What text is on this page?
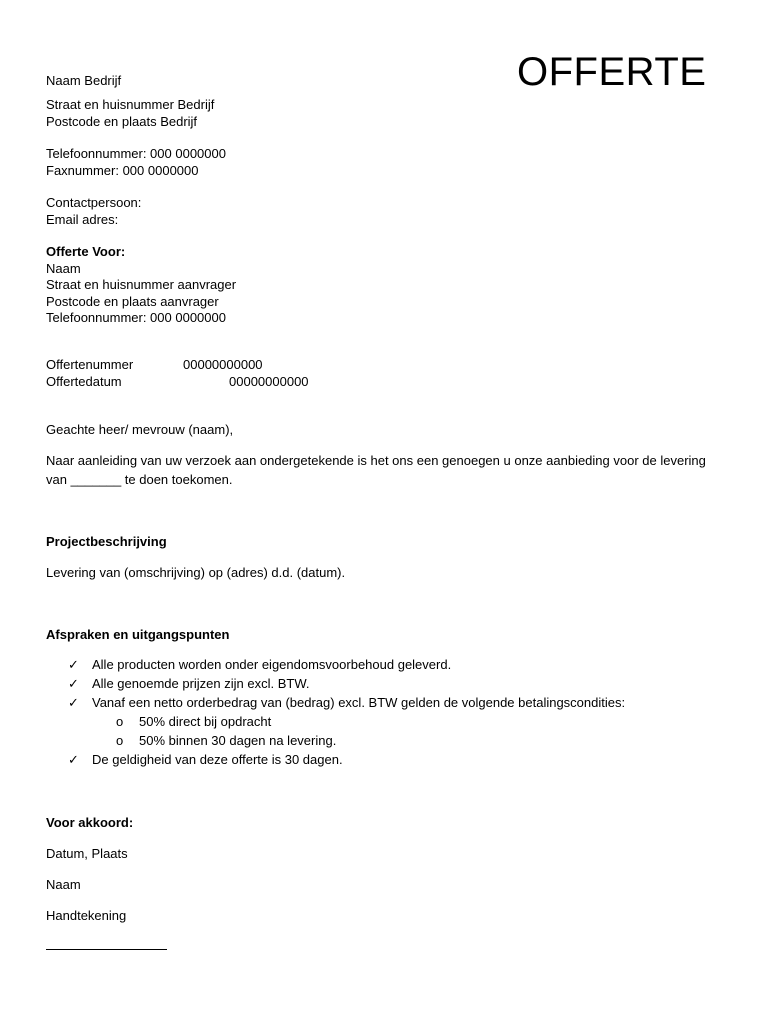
OFFERTE
Naam Bedrijf
Straat en huisnummer Bedrijf
Postcode en plaats Bedrijf
Telefoonnummer: 000 0000000
Faxnummer: 000 0000000
Contactpersoon:
Email adres:
Offerte Voor:
Naam
Straat en huisnummer aanvrager
Postcode en plaats aanvrager
Telefoonnummer: 000 0000000
Offertenummer	00000000000
Offertedatum	00000000000
Geachte heer/ mevrouw (naam),
Naar aanleiding van uw verzoek aan ondergetekende is het ons een genoegen u onze aanbieding voor de levering
van _______ te doen toekomen.
Projectbeschrijving
Levering van (omschrijving) op (adres) d.d. (datum).
Afspraken en uitgangspunten
✓ Alle producten worden onder eigendomsvoorbehoud geleverd.
✓ Alle genoemde prijzen zijn excl. BTW.
✓ Vanaf een netto orderbedrag van (bedrag) excl. BTW gelden de volgende betalingscondities:
o 50% direct bij opdracht
o 50% binnen 30 dagen na levering.
✓ De geldigheid van deze offerte is 30 dagen.
Voor akkoord:
Datum, Plaats
Naam
Handtekening
